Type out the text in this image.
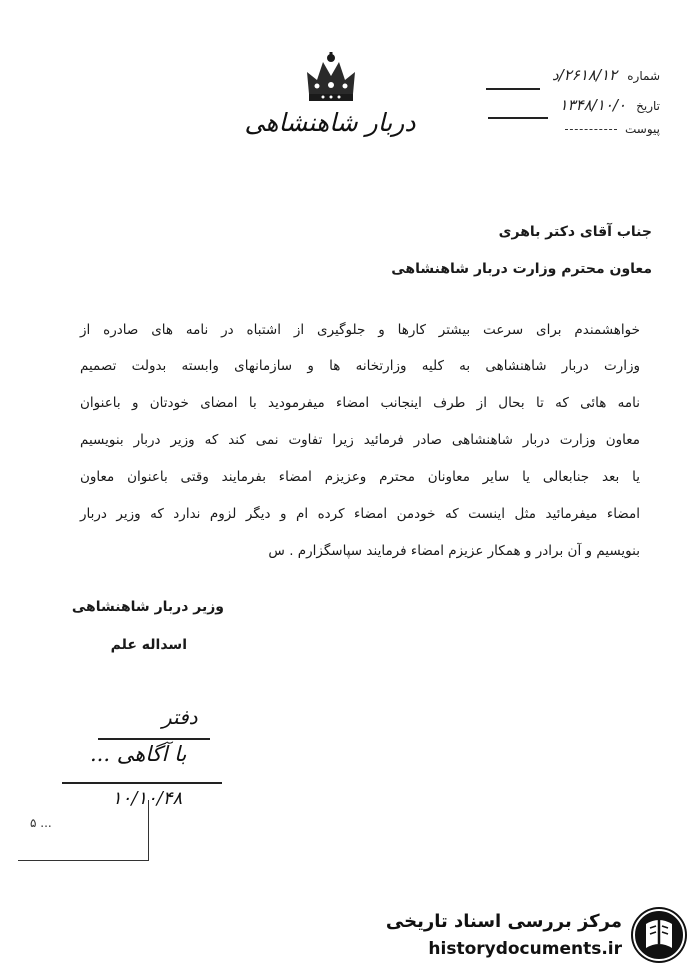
دربار شاهنشاهی
شماره ۲۶۱۸/۱۲/د
تاریخ ۱۳۴۸/۱۰/۰
پیوست
جناب آقای دکتر باهری
معاون محترم وزارت دربار شاهنشاهی
خواهشمندم برای سرعت بیشتر کارها و جلوگیری از اشتباه در نامه های صادره از
وزارت دربار شاهنشاهی به کلیه وزارتخانه ها و سازمانهای وابسته بدولت تصمیم
نامه هائی که تا بحال از طرف اینجانب امضاء میفرمودید با امضای خودتان و باعنوان
معاون وزارت دربار شاهنشاهی صادر فرمائید زیرا تفاوت نمی کند که وزیر دربار بنویسیم
یا بعد جنابعالی یا سایر معاونان محترم وعزیزم امضاء بفرمایند وقتی باعنوان معاون
امضاء میفرمائید مثل اینست که خودمن امضاء کرده ام و دیگر لزوم ندارد که وزیر دربار
بنویسیم و آن برادر و همکار عزیزم امضاء فرمایند سپاسگزارم . س
وزیر دربار شاهنشاهی
اسداله علم
دفتر
با آگاهی ...
۱۰/۱۰/۴۸
۵ ...
مرکز بررسی اسناد تاریخی
historydocuments.ir
